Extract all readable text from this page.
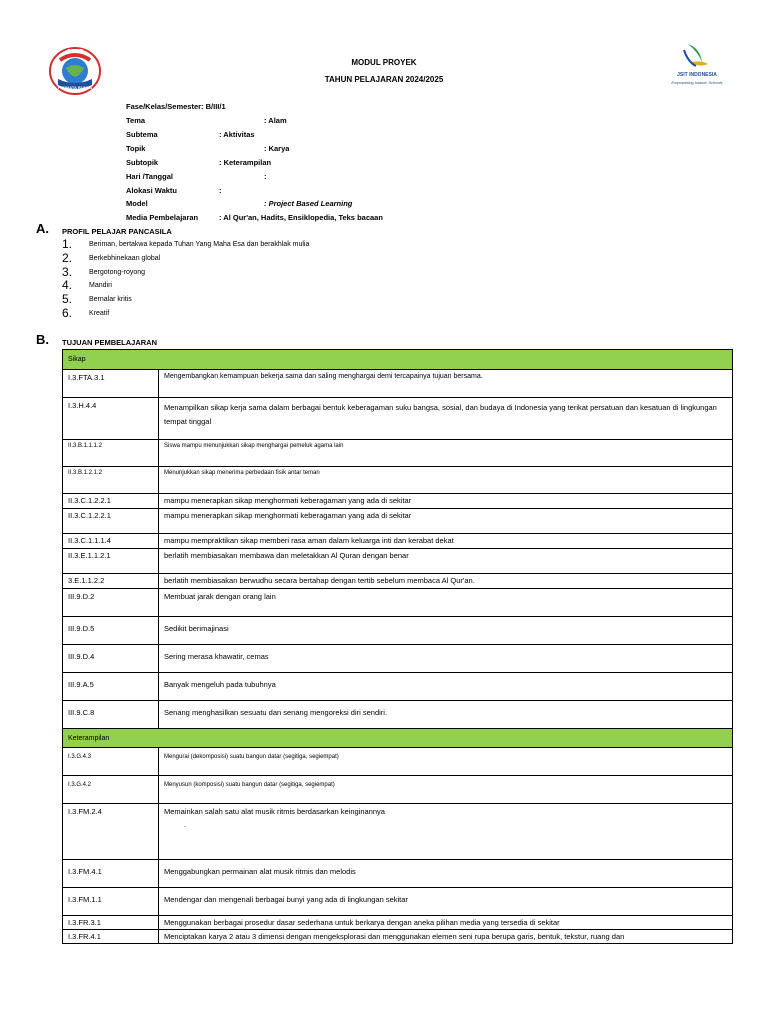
S D I T
PERMATA BUNDA
JSIT INDONESIA
Empowering Islamic Schools
MODUL PROYEK
TAHUN PELAJARAN 2024/2025
Fase/Kelas/Semester: B/III/1
Tema	: Alam
Subtema	: Aktivitas
Topik	: Karya
Subtopik	: Keterampilan
Hari /Tanggal	:
Alokasi Waktu	:
Model	: Project Based Learning
Media Pembelajaran	: Al Qur'an, Hadits, Ensiklopedia, Teks bacaan
A. PROFIL PELAJAR PANCASILA
1. Beriman, bertakwa kepada Tuhan Yang Maha Esa dan berakhlak mulia
2. Berkebhinekaan global
3. Bergotong-royong
4. Mandiri
5. Bernalar kritis
6. Kreatif
B. TUJUAN PEMBELAJARAN
Sikap	
I.3.FTA.3.1	Mengembangkan kemampuan bekerja sama dan saling menghargai demi tercapainya tujuan bersama.
I.3.H.4.4	Menampilkan sikap kerja sama dalam berbagai bentuk keberagaman suku bangsa, sosial, dan budaya di Indonesia yang terikat persatuan dan kesatuan di lingkungan tempat tinggal
II.3.B.1.1.1.2	Siswa mampu menunjukkan sikap menghargai pemeluk agama lain
II.3.B.1.2.1.2	Menunjukkan sikap menerima perbedaan fisik antar teman
II.3.C.1.2.2.1	mampu menerapkan sikap menghormati keberagaman yang ada di sekitar
II.3.C.1.2.2.1	mampu menerapkan sikap menghormati keberagaman yang ada di sekitar
II.3.C.1.1.1.4	mampu mempraktikan sikap memberi rasa aman dalam keluarga inti dan kerabat dekat
II.3.E.1.1.2.1	berlatih membiasakan membawa dan meletakkan Al Quran dengan benar
3.E.1.1.2.2	berlatih membiasakan berwudhu secara bertahap dengan tertib sebelum membaca Al Qur'an.
III.9.D.2	Membuat jarak dengan orang lain
III.9.D.5	Sedikit berimajinasi
III.9.D.4	Sering merasa khawatir, cemas
III.9.A.5	Banyak mengeluh pada tubuhnya
III.9.C.8	Senang menghasilkan sesuatu dan senang mengoreksi diri sendiri.
Keterampilan	
I.3.G.4.3	Mengurai (dekomposisi) suatu bangun datar (segitiga, segiempat)
I.3.G.4.2	Menyusun (komposisi) suatu bangun datar (segitiga, segiempat)
I.3.FM.2.4	Memainkan salah satu alat musik ritmis berdasarkan keinginannya
.

I.3.FM.4.1	Menggabungkan permainan alat musik ritmis dan melodis
I.3.FM.1.1	Mendengar dan mengenali berbagai bunyi yang ada di lingkungan sekitar
I.3.FR.3.1	Menggunakan berbagai prosedur dasar sederhana untuk berkarya dengan aneka pilihan media yang tersedia di sekitar
I.3.FR.4.1	Menciptakan karya 2 atau 3 dimensi dengan mengeksplorasi dan menggunakan elemen seni rupa berupa garis, bentuk, tekstur, ruang dan
